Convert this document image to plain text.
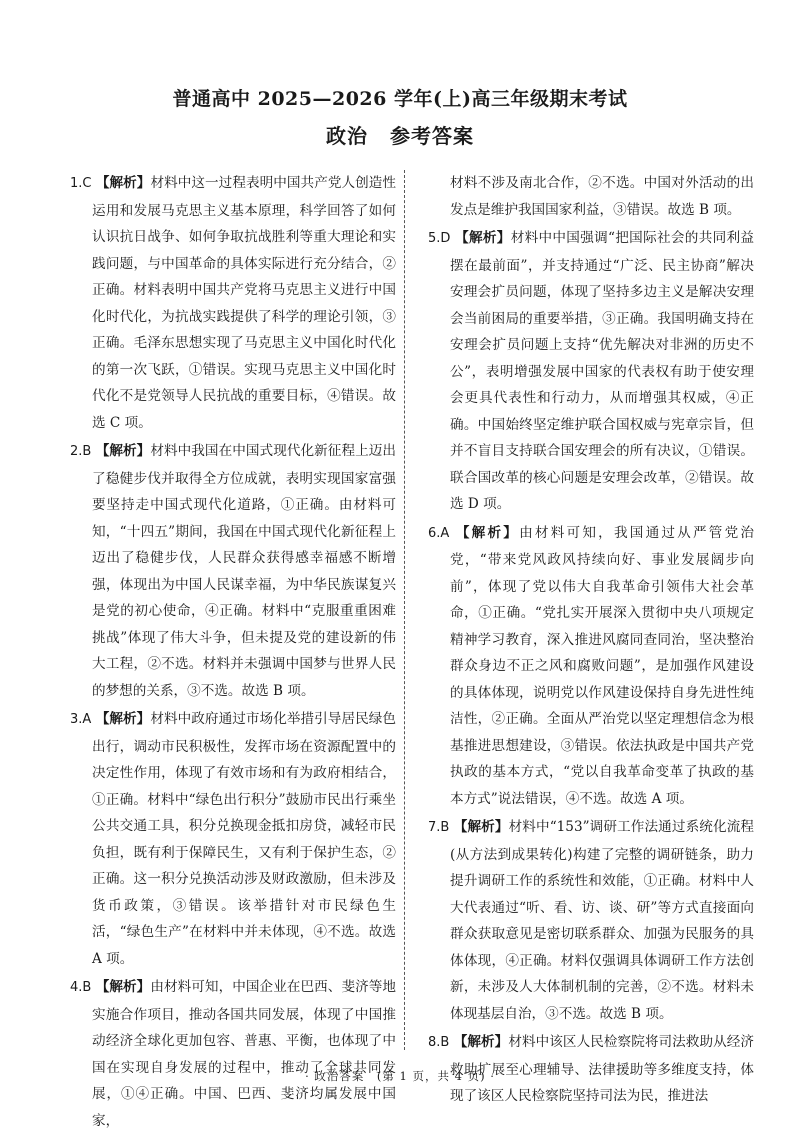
普通高中 2025—2026 学年(上)高三年级期末考试
政治 参考答案

1.C 【解析】材料中这一过程表明中国共产党人创造性运用和发展马克思主义基本原理，科学回答了如何认识抗日战争、如何争取抗战胜利等重大理论和实践问题，与中国革命的具体实际进行充分结合，②正确。材料表明中国共产党将马克思主义进行中国化时代化，为抗战实践提供了科学的理论引领，③正确。毛泽东思想实现了马克思主义中国化时代化的第一次飞跃，①错误。实现马克思主义中国化时代化不是党领导人民抗战的重要目标，④错误。故选 C 项。

2.B 【解析】材料中我国在中国式现代化新征程上迈出了稳健步伐并取得全方位成就，表明实现国家富强要坚持走中国式现代化道路，①正确。由材料可知，“十四五”期间，我国在中国式现代化新征程上迈出了稳健步伐，人民群众获得感幸福感不断增强，体现出为中国人民谋幸福，为中华民族谋复兴是党的初心使命，④正确。材料中“克服重重困难挑战”体现了伟大斗争，但未提及党的建设新的伟大工程，②不选。材料并未强调中国梦与世界人民的梦想的关系，③不选。故选 B 项。

3.A 【解析】材料中政府通过市场化举措引导居民绿色出行，调动市民积极性，发挥市场在资源配置中的决定性作用，体现了有效市场和有为政府相结合，①正确。材料中“绿色出行积分”鼓励市民出行乘坐公共交通工具，积分兑换现金抵扣房贷，减轻市民负担，既有利于保障民生，又有利于保护生态，②正确。这一积分兑换活动涉及财政激励，但未涉及货币政策，③错误。该举措针对市民绿色生活，“绿色生产”在材料中并未体现，④不选。故选 A 项。

4.B 【解析】由材料可知，中国企业在巴西、斐济等地实施合作项目，推动各国共同发展，体现了中国推动经济全球化更加包容、普惠、平衡，也体现了中国在实现自身发展的过程中，推动了全球共同发展，①④正确。中国、巴西、斐济均属发展中国家，

材料不涉及南北合作，②不选。中国对外活动的出发点是维护我国国家利益，③错误。故选 B 项。

5.D 【解析】材料中中国强调“把国际社会的共同利益摆在最前面”，并支持通过“广泛、民主协商”解决安理会扩员问题，体现了坚持多边主义是解决安理会当前困局的重要举措，③正确。我国明确支持在安理会扩员问题上支持“优先解决对非洲的历史不公”，表明增强发展中国家的代表权有助于使安理会更具代表性和行动力，从而增强其权威，④正确。中国始终坚定维护联合国权威与宪章宗旨，但并不盲目支持联合国安理会的所有决议，①错误。联合国改革的核心问题是安理会改革，②错误。故选 D 项。

6.A 【解析】由材料可知，我国通过从严管党治党，“带来党风政风持续向好、事业发展阔步向前”，体现了党以伟大自我革命引领伟大社会革命，①正确。“党扎实开展深入贯彻中央八项规定精神学习教育，深入推进风腐同查同治，坚决整治群众身边不正之风和腐败问题”，是加强作风建设的具体体现，说明党以作风建设保持自身先进性纯洁性，②正确。全面从严治党以坚定理想信念为根基推进思想建设，③错误。依法执政是中国共产党执政的基本方式，“党以自我革命变革了执政的基本方式”说法错误，④不选。故选 A 项。

7.B 【解析】材料中“153”调研工作法通过系统化流程(从方法到成果转化)构建了完整的调研链条，助力提升调研工作的系统性和效能，①正确。材料中人大代表通过“听、看、访、谈、研”等方式直接面向群众获取意见是密切联系群众、加强为民服务的具体体现，④正确。材料仅强调具体调研工作方法创新，未涉及人大体制机制的完善，②不选。材料未体现基层自治，③不选。故选 B 项。

8.B 【解析】材料中该区人民检察院将司法救助从经济救助扩展至心理辅导、法律援助等多维度支持，体现了该区人民检察院坚持司法为民，推进法

· 政治答案　(第 1 页，共 4 页) ·
